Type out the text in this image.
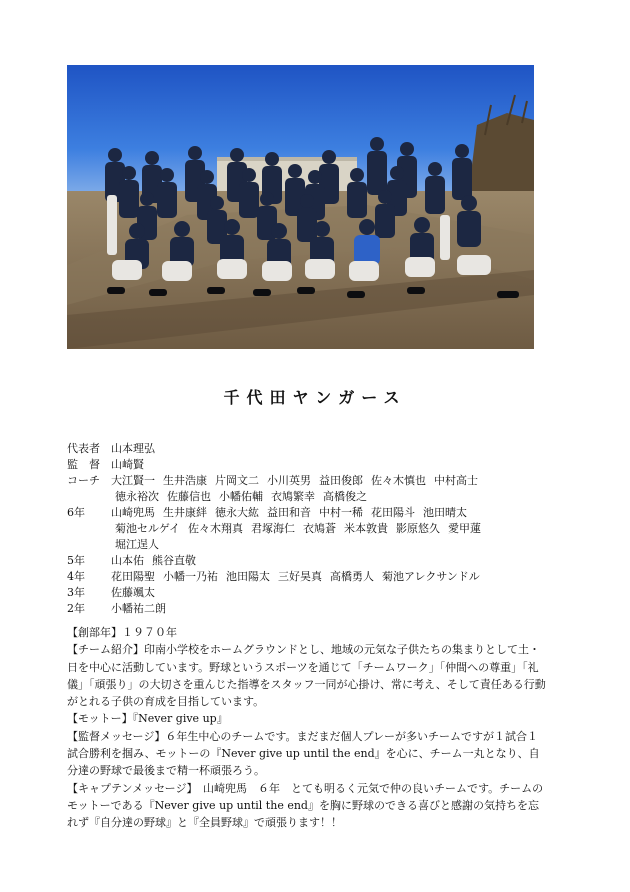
千代田ヤンガース
代表者	山本理弘
監　督	山崎賢
コーチ	大江賢一 生井浩康 片岡文二 小川英男 益田俊郎 佐々木慎也 中村高士
徳永裕次 佐藤信也 小幡佑輔 衣鳩繁幸 高橋俊之
6年	山崎兜馬 生井康絆 徳永大紘 益田和音 中村一稀 花田陽斗 池田晴太
菊池セルゲイ 佐々木翔真 君塚海仁 衣鳩蒼 米本敦貴 影原悠久 愛甲蓮
堀江逞人
5年	山本佑 熊谷直敬
4年	花田陽聖 小幡一乃祐 池田陽太 三好昊真 高橋勇人 菊池アレクサンドル
3年	佐藤颯太
2年	小幡祐二朗

【創部年】１９７０年

【チーム紹介】印南小学校をホームグラウンドとし、地域の元気な子供たちの集まりとして土・日を中心に活動しています。野球というスポーツを通じて「チームワーク」「仲間への尊重」「礼儀」「頑張り」の大切さを重んじた指導をスタッフ一同が心掛け、常に考え、そして責任ある行動がとれる子供の育成を目指しています。

【モットー】『Never give up』

【監督メッセージ】６年生中心のチームです。まだまだ個人プレーが多いチームですが１試合１試合勝利を掴み、モットーの『Never give up until the end』を心に、チーム一丸となり、自分達の野球で最後まで精一杯頑張ろう。

【キャプテンメッセージ】　山崎兜馬　６年　とても明るく元気で仲の良いチームです。チームのモットーである『Never give up until the end』を胸に野球のできる喜びと感謝の気持ちを忘れず『自分達の野球』と『全員野球』で頑張ります！！
